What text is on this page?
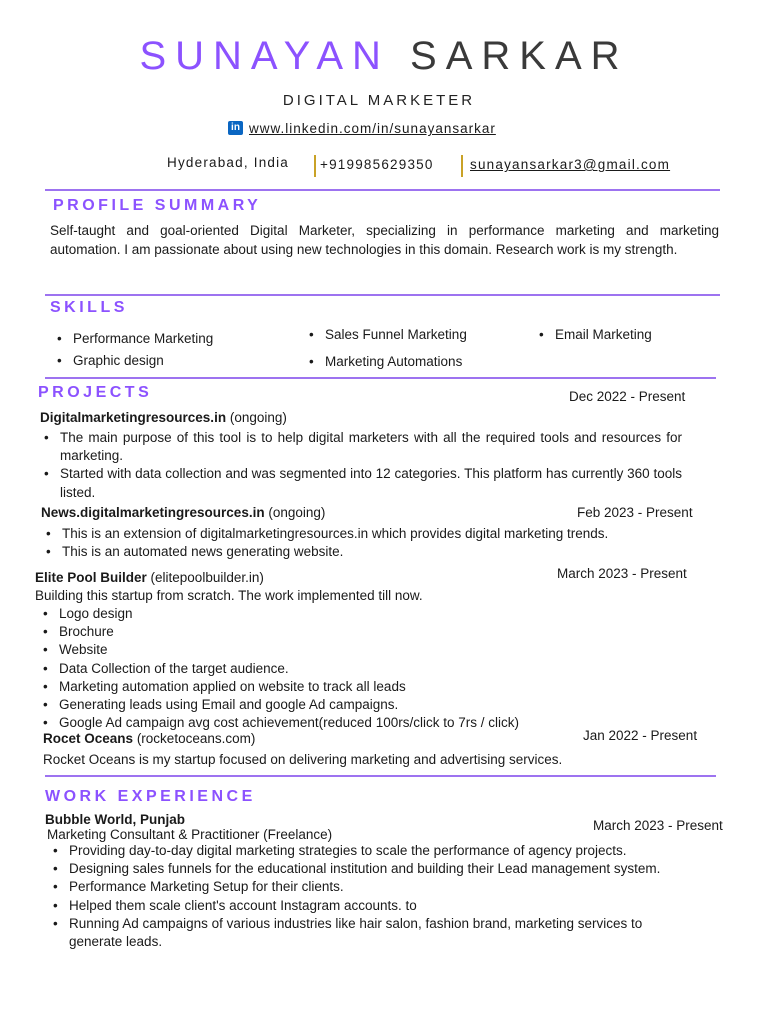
SUNAYAN SARKAR
DIGITAL MARKETER
in www.linkedin.com/in/sunayansarkar
Hyderabad, India +919985629350	sunayansarkar3@gmail.com
PROFILE SUMMARY
Self-taught and goal-oriented Digital Marketer, specializing in performance marketing and marketing automation. I am passionate about using new technologies in this domain. Research work is my strength.
SKILLS
• Performance Marketing
• Graphic design
• Sales Funnel Marketing
• Marketing Automations
• Email Marketing
PROJECTS	Dec 2022 - Present
Digitalmarketingresources.in (ongoing)
• The main purpose of this tool is to help digital marketers with all the required tools and resources for marketing.
• Started with data collection and was segmented into 12 categories. This platform has currently 360 tools listed.
Feb 2023 - Present
News.digitalmarketingresources.in (ongoing)
• This is an extension of digitalmarketingresources.in which provides digital marketing trends.
• This is an automated news generating website.
March 2023 - Present
Elite Pool Builder (elitepoolbuilder.in)
Building this startup from scratch. The work implemented till now.
• Logo design
• Brochure
• Website
• Data Collection of the target audience.
• Marketing automation applied on website to track all leads
• Generating leads using Email and google Ad campaigns.
• Google Ad campaign avg cost achievement(reduced 100rs/click to 7rs / click)
Jan 2022 - Present
Rocet Oceans (rocketoceans.com)
Rocket Oceans is my startup focused on delivering marketing and advertising services.
WORK EXPERIENCE
Bubble World, Punjab
Marketing Consultant & Practitioner (Freelance)
March 2023 - Present
• Providing day-to-day digital marketing strategies to scale the performance of agency projects.
• Designing sales funnels for the educational institution and building their Lead management system.
• Performance Marketing Setup for their clients.
• Helped them scale client's account Instagram accounts. to
• Running Ad campaigns of various industries like hair salon, fashion brand, marketing services to generate leads.
